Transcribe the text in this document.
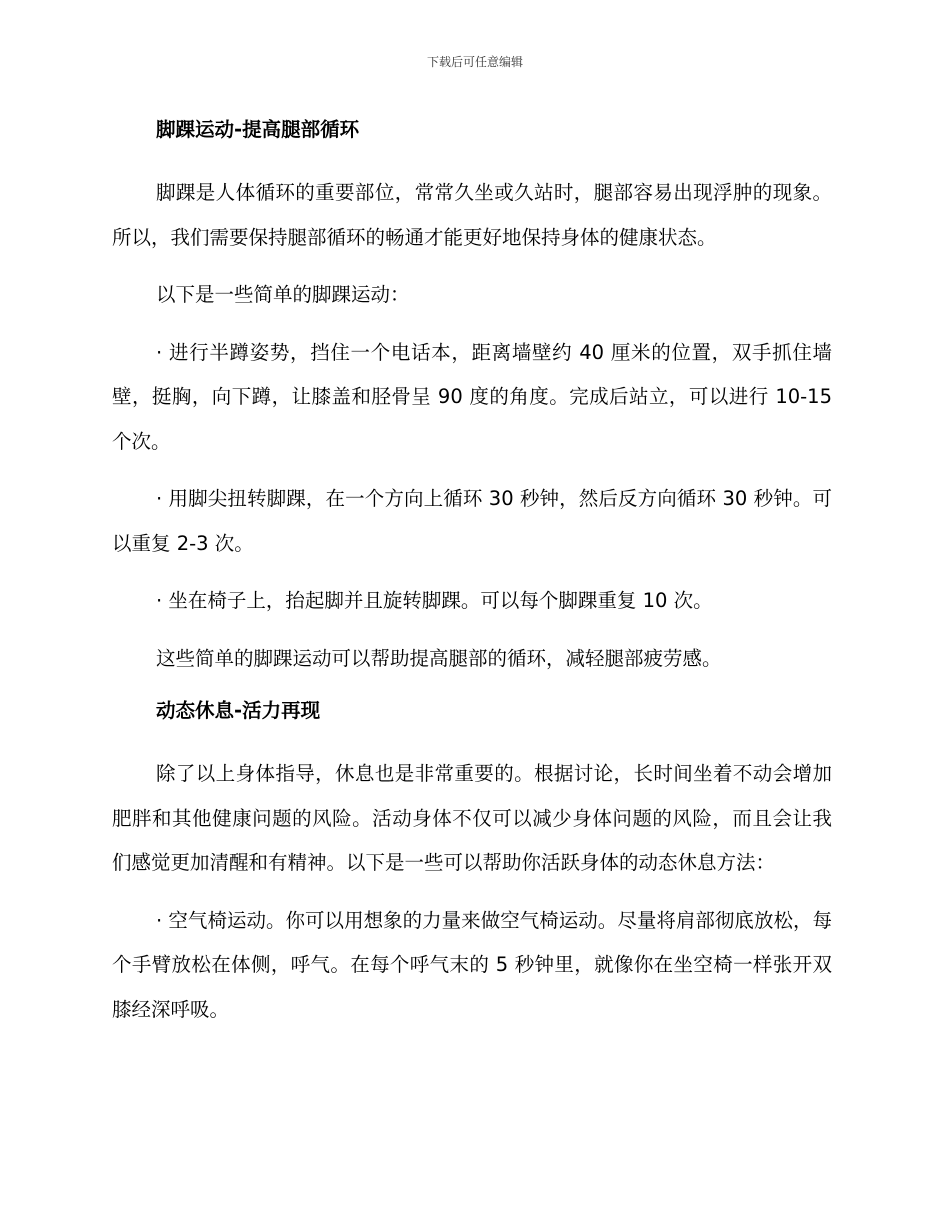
下载后可任意编辑

脚踝运动-提高腿部循环

脚踝是人体循环的重要部位，常常久坐或久站时，腿部容易出现浮肿的现象。所以，我们需要保持腿部循环的畅通才能更好地保持身体的健康状态。

以下是一些简单的脚踝运动：

· 进行半蹲姿势，挡住一个电话本，距离墙壁约 40 厘米的位置，双手抓住墙壁，挺胸，向下蹲，让膝盖和胫骨呈 90 度的角度。完成后站立，可以进行 10-15 个次。

· 用脚尖扭转脚踝，在一个方向上循环 30 秒钟，然后反方向循环 30 秒钟。可以重复 2-3 次。

· 坐在椅子上，抬起脚并且旋转脚踝。可以每个脚踝重复 10 次。

这些简单的脚踝运动可以帮助提高腿部的循环，减轻腿部疲劳感。

动态休息-活力再现

除了以上身体指导，休息也是非常重要的。根据讨论，长时间坐着不动会增加肥胖和其他健康问题的风险。活动身体不仅可以减少身体问题的风险，而且会让我们感觉更加清醒和有精神。以下是一些可以帮助你活跃身体的动态休息方法：

· 空气椅运动。你可以用想象的力量来做空气椅运动。尽量将肩部彻底放松，每个手臂放松在体侧，呼气。在每个呼气末的 5 秒钟里，就像你在坐空椅一样张开双膝经深呼吸。
